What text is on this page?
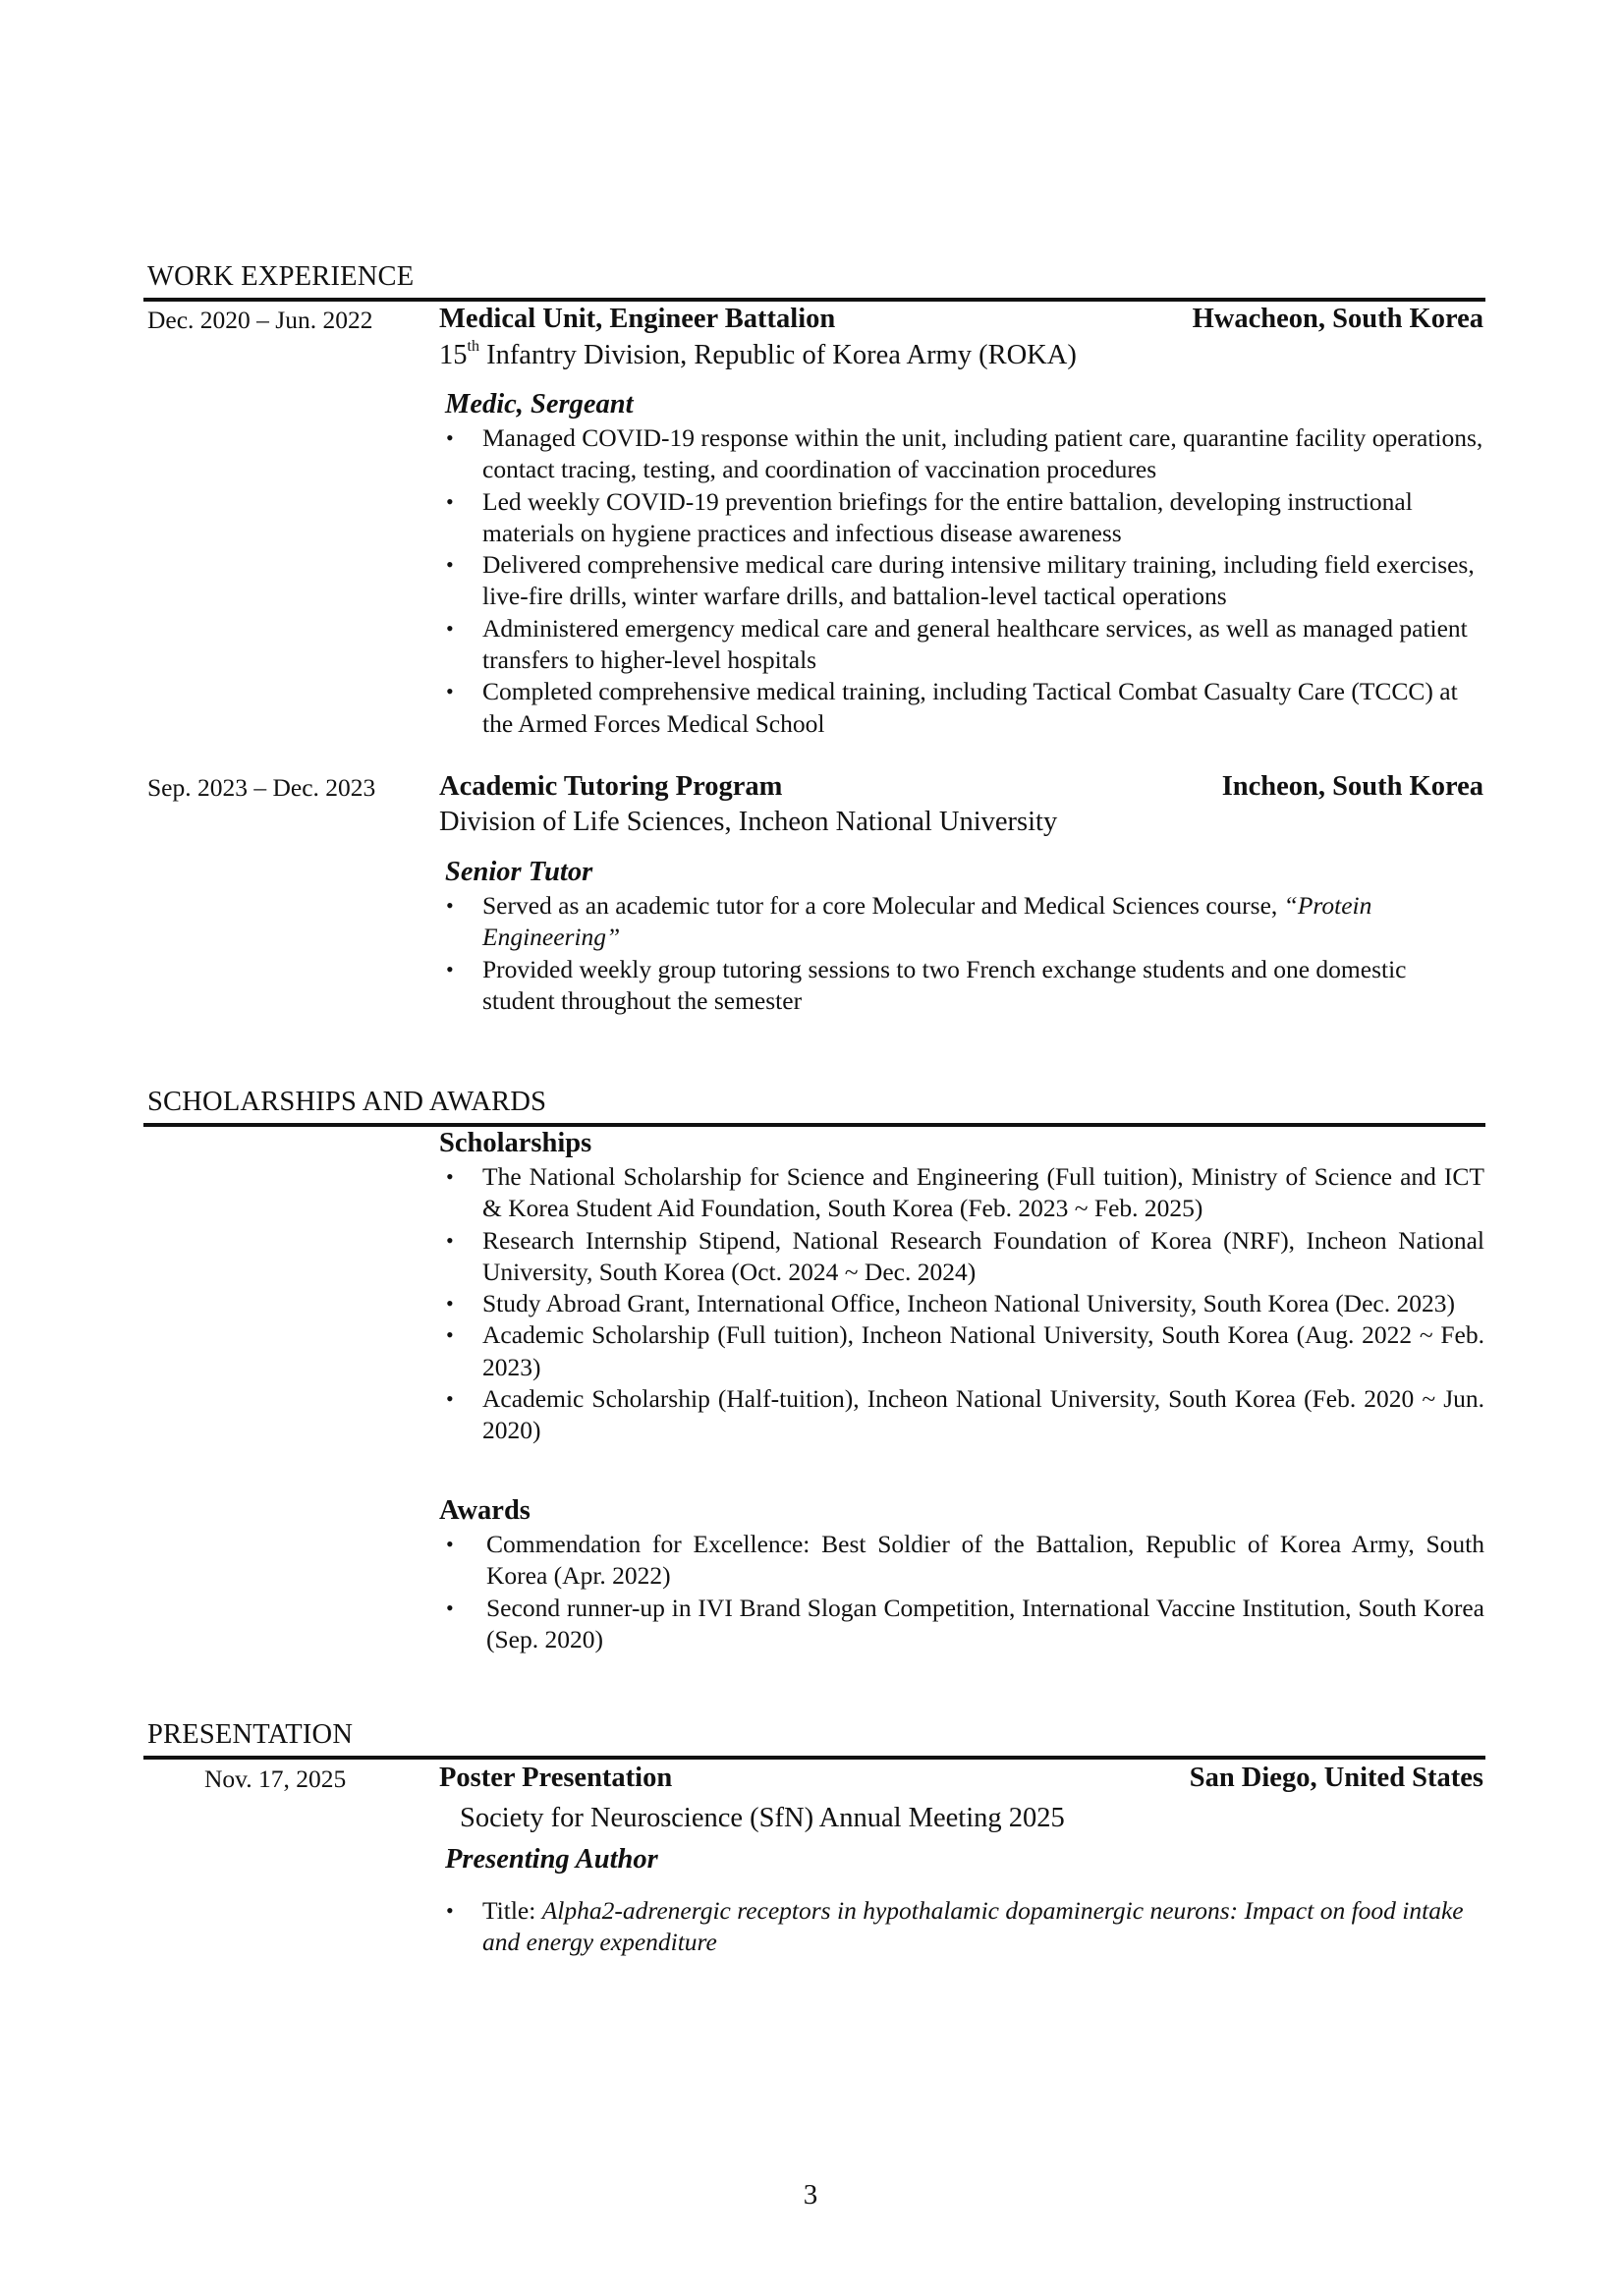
WORK EXPERIENCE
Dec. 2020 – Jun. 2022 Medical Unit, Engineer Battalion	Hwacheon, South Korea
15th Infantry Division, Republic of Korea Army (ROKA)
Medic, Sergeant
•	Managed COVID-19 response within the unit, including patient care, quarantine facility operations, contact tracing, testing, and coordination of vaccination procedures
•	Led weekly COVID-19 prevention briefings for the entire battalion, developing instructional materials on hygiene practices and infectious disease awareness
•	Delivered comprehensive medical care during intensive military training, including field exercises, live-fire drills, winter warfare drills, and battalion-level tactical operations
•	Administered emergency medical care and general healthcare services, as well as managed patient transfers to higher-level hospitals
•	Completed comprehensive medical training, including Tactical Combat Casualty Care (TCCC) at the Armed Forces Medical School
Sep. 2023 – Dec. 2023 Academic Tutoring Program	Incheon, South Korea
Division of Life Sciences, Incheon National University
Senior Tutor
•	Served as an academic tutor for a core Molecular and Medical Sciences course, “Protein Engineering”
•	Provided weekly group tutoring sessions to two French exchange students and one domestic student throughout the semester
SCHOLARSHIPS AND AWARDS
Scholarships
•	The National Scholarship for Science and Engineering (Full tuition), Ministry of Science and ICT & Korea Student Aid Foundation, South Korea (Feb. 2023 ~ Feb. 2025)
•	Research Internship Stipend, National Research Foundation of Korea (NRF), Incheon National University, South Korea (Oct. 2024 ~ Dec. 2024)
•	Study Abroad Grant, International Office, Incheon National University, South Korea (Dec. 2023)
•	Academic Scholarship (Full tuition), Incheon National University, South Korea (Aug. 2022 ~ Feb. 2023)
•	Academic Scholarship (Half-tuition), Incheon National University, South Korea (Feb. 2020 ~ Jun. 2020)
Awards
•	Commendation for Excellence: Best Soldier of the Battalion, Republic of Korea Army, South Korea (Apr. 2022)
•	Second runner-up in IVI Brand Slogan Competition, International Vaccine Institution, South Korea (Sep. 2020)
PRESENTATION
Nov. 17, 2025	Poster Presentation	San Diego, United States
Society for Neuroscience (SfN) Annual Meeting 2025
Presenting Author
•	Title: Alpha2-adrenergic receptors in hypothalamic dopaminergic neurons: Impact on food intake and energy expenditure
3
